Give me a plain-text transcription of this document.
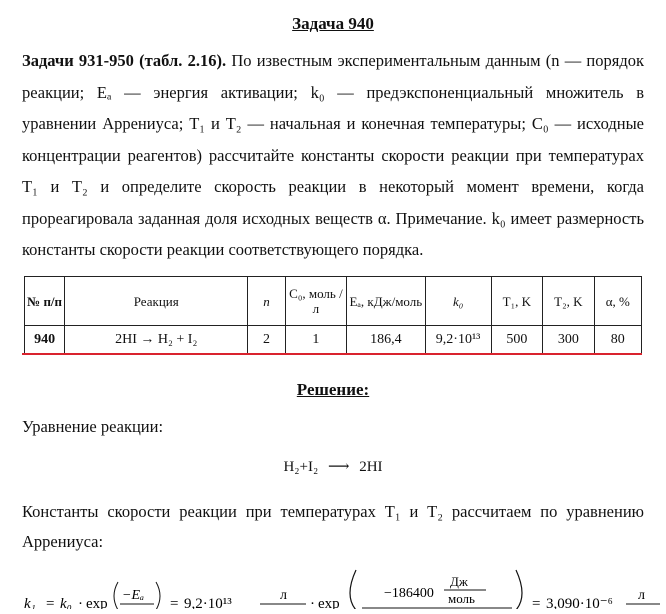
Задача 940
Задачи 931-950 (табл. 2.16). По известным экспериментальным данным (n — порядок реакции; Eₐ — энергия активации; k₀ — предэкспоненциальный множитель в уравнении Аррениуса; T₁ и T₂ — начальная и конечная температуры; C₀ — исходные концентрации реагентов) рассчитайте константы скорости реакции при температурах T₁ и T₂ и определите скорость реакции в некоторый момент времени, когда прореагировала заданная доля исходных веществ α. Примечание. k₀ имеет размерность константы скорости реакции соответствующего порядка.
№ п/п	Реакция	n	C₀, моль /л	Eₐ, кДж/моль	k₀	T₁, K	T₂, K	α, %
940	2HI → H₂ + I₂	2	1	186,4	9,2·10¹³	500	300	80
Решение:
Уравнение реакции:
H₂+I₂ ⟶ 2HI
Константы скорости реакции при температурах T₁ и T₂ рассчитаем по уравнению Аррениуса:
k₁ = k₀ · exp
−Eₐ
= 9,2·10¹³
л
· exp
−186400
Дж
моль	= 3,090·10⁻⁶
л
